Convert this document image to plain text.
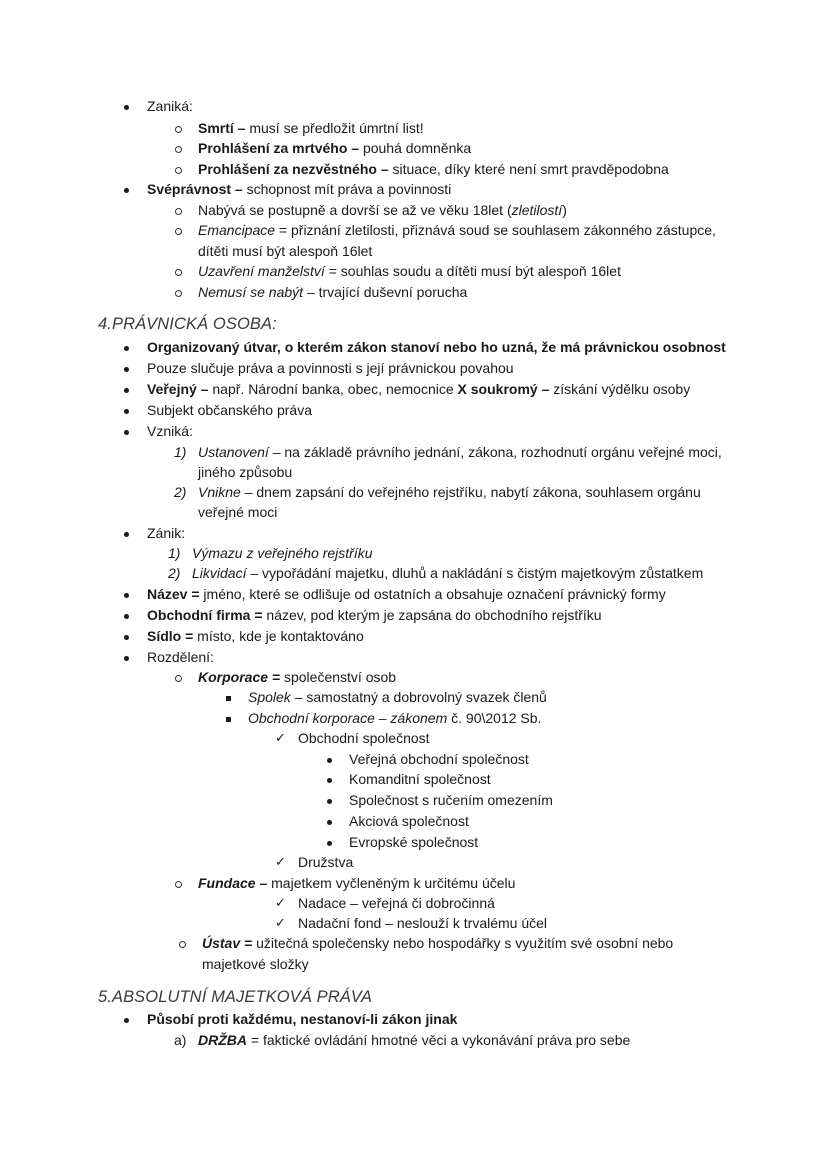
Zaniká:
Smrtí – musí se předložit úmrtní list!
Prohlášení za mrtvého – pouhá domněnka
Prohlášení za nezvěstného – situace, díky které není smrt pravděpodobna
Svéprávnost – schopnost mít práva a povinnosti
Nabývá se postupně a dovrší se až ve věku 18let (zletilostí)
Emancipace = přiznání zletilosti, přiznává soud se souhlasem zákonného zástupce,
dítěti musí být alespoň 16let
Uzavření manželství = souhlas soudu a dítěti musí být alespoň 16let
Nemusí se nabýt – trvající duševní porucha
4.PRÁVNICKÁ OSOBA:
Organizovaný útvar, o kterém zákon stanoví nebo ho uzná, že má právnickou osobnost
Pouze slučuje práva a povinnosti s její právnickou povahou
Veřejný – např. Národní banka, obec, nemocnice X soukromý – získání výdělku osoby
Subjekt občanského práva
Vzniká:
1) Ustanovení – na základě právního jednání, zákona, rozhodnutí orgánu veřejné moci,
jiného způsobu
2) Vnikne – dnem zapsání do veřejného rejstříku, nabytí zákona, souhlasem orgánu
veřejné moci
Zánik:
1) Výmazu z veřejného rejstříku
2) Likvidací – vypořádání majetku, dluhů a nakládání s čistým majetkovým zůstatkem
Název = jméno, které se odlišuje od ostatních a obsahuje označení právnický formy
Obchodní firma = název, pod kterým je zapsána do obchodního rejstříku
Sídlo = místo, kde je kontaktováno
Rozdělení:
Korporace = společenství osob
Spolek – samostatný a dobrovolný svazek členů
Obchodní korporace – zákonem č. 90\2012 Sb.
✓ Obchodní společnost
Veřejná obchodní společnost
Komanditní společnost
Společnost s ručením omezením
Akciová společnost
Evropské společnost
✓ Družstva
Fundace – majetkem vyčleněným k určitému účelu
✓ Nadace – veřejná či dobročinná
✓ Nadační fond – neslouží k trvalému účel
Ústav = užitečná společensky nebo hospodářky s využitím své osobní nebo
majetkové složky
5.ABSOLUTNÍ MAJETKOVÁ PRÁVA
Působí proti každému, nestanoví-li zákon jinak
a) DRŽBA = faktické ovládání hmotné věci a vykonávání práva pro sebe
